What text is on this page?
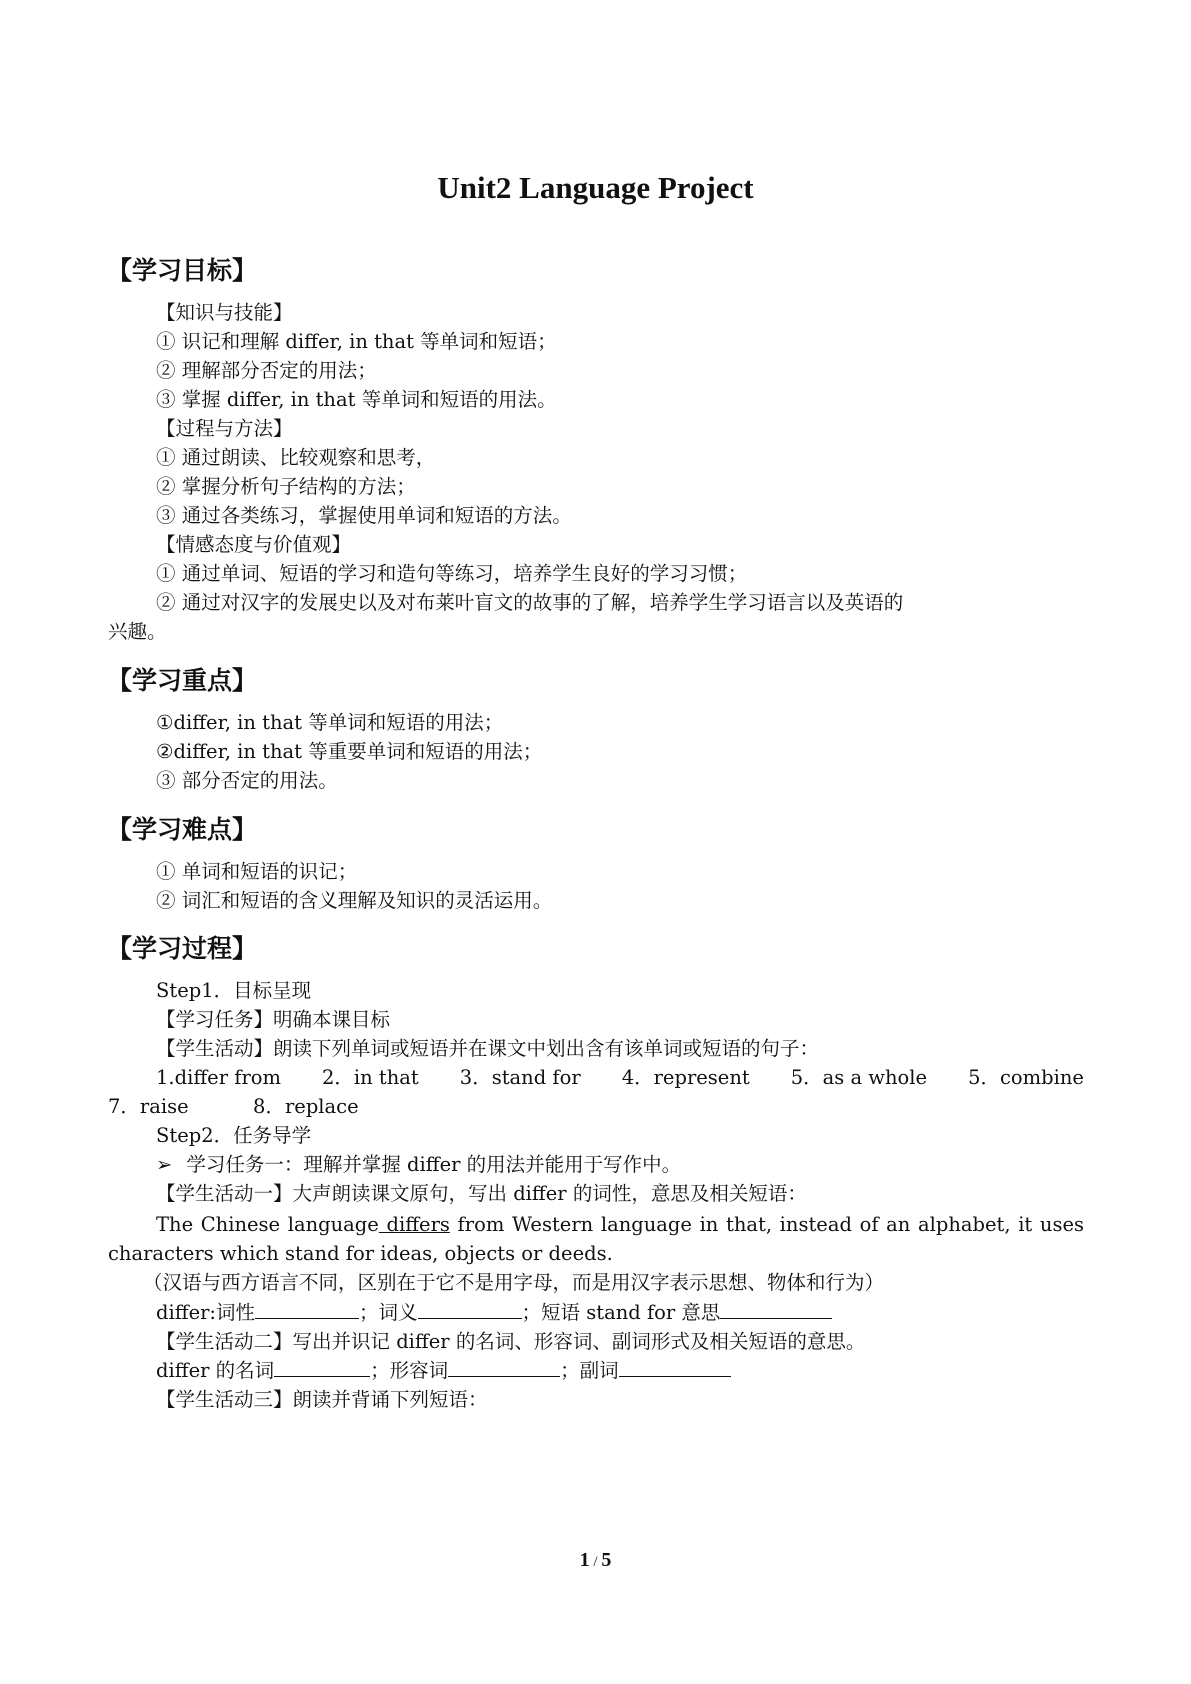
Unit2 Language Project
【学习目标】
【知识与技能】
① 识记和理解 differ, in that 等单词和短语；
② 理解部分否定的用法；
③ 掌握 differ, in that 等单词和短语的用法。
【过程与方法】
① 通过朗读、比较观察和思考，
② 掌握分析句子结构的方法；
③ 通过各类练习，掌握使用单词和短语的方法。
【情感态度与价值观】
① 通过单词、短语的学习和造句等练习，培养学生良好的学习习惯；
② 通过对汉字的发展史以及对布莱叶盲文的故事的了解，培养学生学习语言以及英语的
兴趣。
【学习重点】
①differ, in that 等单词和短语的用法；
②differ, in that 等重要单词和短语的用法；
③ 部分否定的用法。
【学习难点】
① 单词和短语的识记；
② 词汇和短语的含义理解及知识的灵活运用。
【学习过程】
Step1．目标呈现
【学习任务】明确本课目标
【学生活动】朗读下列单词或短语并在课文中划出含有该单词或短语的句子：
1.differ from 2．in that 3．stand for 4．represent 5．as a whole 5．combine
7．raise	8．replace
Step2．任务导学
➢ 学习任务一：理解并掌握 differ 的用法并能用于写作中。
【学生活动一】大声朗读课文原句，写出 differ 的词性，意思及相关短语：
The Chinese language differs from Western language in that, instead of an alphabet, it uses
characters which stand for ideas, objects or deeds.
（汉语与西方语言不同，区别在于它不是用字母，而是用汉字表示思想、物体和行为）
differ:词性	；词义	；短语 stand for 意思
【学生活动二】写出并识记 differ 的名词、形容词、副词形式及相关短语的意思。
differ 的名词	；形容词	；副词
【学生活动三】朗读并背诵下列短语：
1 / 5
